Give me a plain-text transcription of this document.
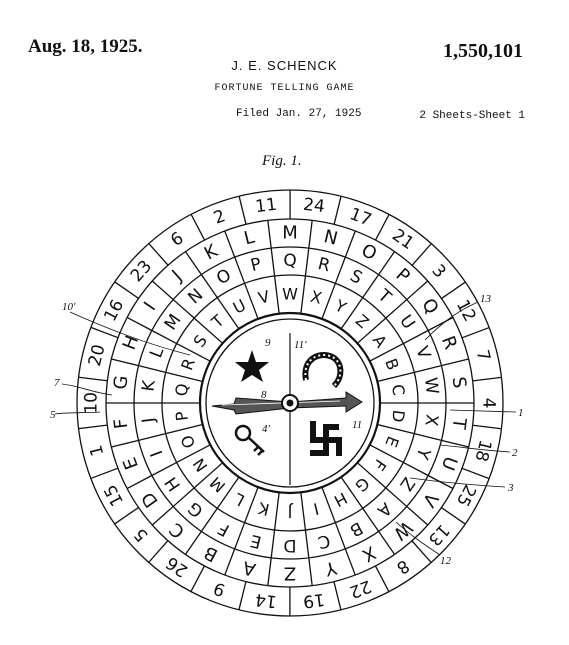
Aug. 18, 1925.	1,550,101
J. E. SCHENCK
FORTUNE TELLING GAME
Filed Jan. 27, 1925	2 Sheets-Sheet 1
Fig. 1.
11 24 17
21
3
12
7
4
18
25
13
8
22
19
14
9
26
5
15
1
10
20
16
23
6
2
M N
O
P
Q
R
S
T
U
V
W
X
Y
Z
A
B
C
D
E
F
G
H
I
J
K
L
Q R
S
T
U
V
W
X
Y
Z
A
B
C
D
E
F
G
H
I
J
K
L
M
N
O
P
W X Y
Z
A
B
C
D
E
F
G
H
I
J
K
L
M
N
O
P
Q
R
S
T
U V
7
5
10'
13
1
2
3
12
9 11'
8
4'	11
